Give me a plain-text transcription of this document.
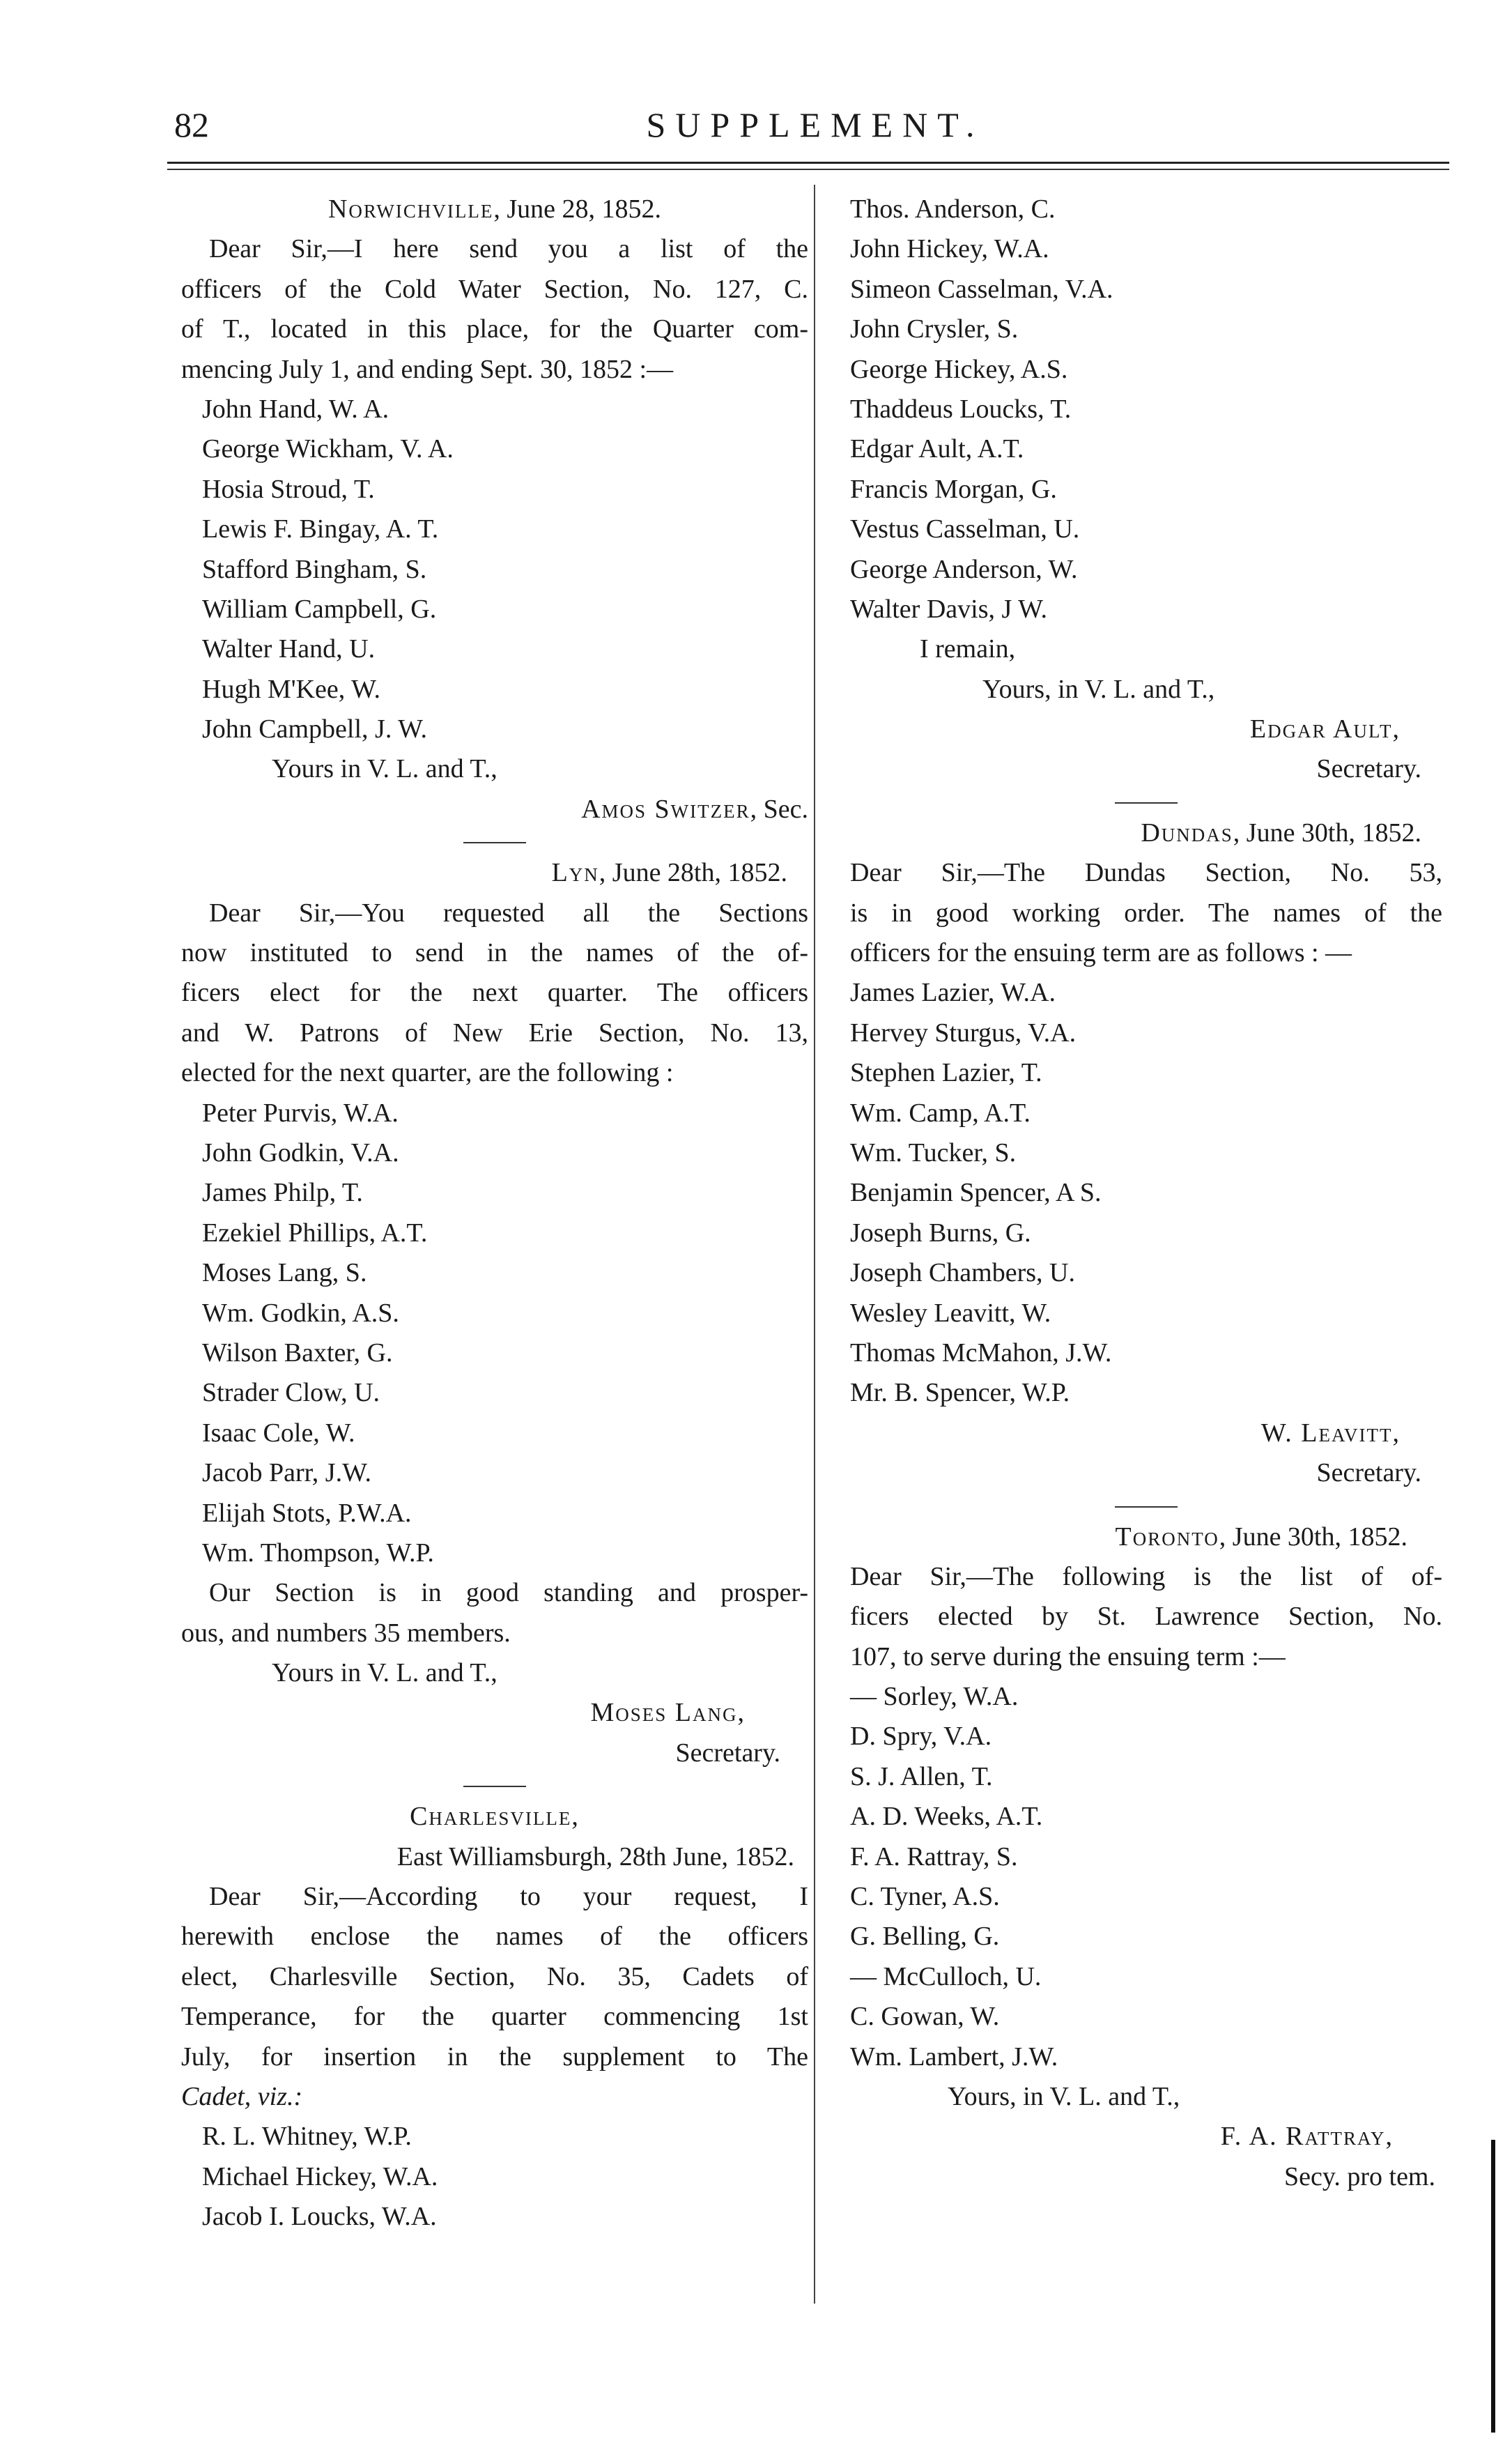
82	SUPPLEMENT.
Norwichville, June 28, 1852.
Dear Sir,—I here send you a list of the
officers of the Cold Water Section, No. 127, C.
of T., located in this place, for the Quarter com-
mencing July 1, and ending Sept. 30, 1852 :—
John Hand, W. A.
George Wickham, V. A.
Hosia Stroud, T.
Lewis F. Bingay, A. T.
Stafford Bingham, S.
William Campbell, G.
Walter Hand, U.
Hugh M'Kee, W.
John Campbell, J. W.
Yours in V. L. and T.,
Amos Switzer, Sec.
Lyn, June 28th, 1852.
Dear Sir,—You requested all the Sections
now instituted to send in the names of the of-
ficers elect for the next quarter. The officers
and W. Patrons of New Erie Section, No. 13,
elected for the next quarter, are the following :
Peter Purvis, W.A.
John Godkin, V.A.
James Philp, T.
Ezekiel Phillips, A.T.
Moses Lang, S.
Wm. Godkin, A.S.
Wilson Baxter, G.
Strader Clow, U.
Isaac Cole, W.
Jacob Parr, J.W.
Elijah Stots, P.W.A.
Wm. Thompson, W.P.
Our Section is in good standing and prosper-
ous, and numbers 35 members.
Yours in V. L. and T.,
Moses Lang,
Secretary.
Charlesville,
East Williamsburgh, 28th June, 1852.
Dear Sir,—According to your request, I
herewith enclose the names of the officers
elect, Charlesville Section, No. 35, Cadets of
Temperance, for the quarter commencing 1st
July, for insertion in the supplement to The
Cadet, viz.:
R. L. Whitney, W.P.
Michael Hickey, W.A.
Jacob I. Loucks, W.A.
Thos. Anderson, C.
John Hickey, W.A.
Simeon Casselman, V.A.
John Crysler, S.
George Hickey, A.S.
Thaddeus Loucks, T.
Edgar Ault, A.T.
Francis Morgan, G.
Vestus Casselman, U.
George Anderson, W.
Walter Davis, J W.
I remain,
Yours, in V. L. and T.,
Edgar Ault,
Secretary.
Dundas, June 30th, 1852.
Dear Sir,—The Dundas Section, No. 53,
is in good working order. The names of the
officers for the ensuing term are as follows : —
James Lazier, W.A.
Hervey Sturgus, V.A.
Stephen Lazier, T.
Wm. Camp, A.T.
Wm. Tucker, S.
Benjamin Spencer, A S.
Joseph Burns, G.
Joseph Chambers, U.
Wesley Leavitt, W.
Thomas McMahon, J.W.
Mr. B. Spencer, W.P.
W. Leavitt,
Secretary.
Toronto, June 30th, 1852.
Dear Sir,—The following is the list of of-
ficers elected by St. Lawrence Section, No.
107, to serve during the ensuing term :—
— Sorley, W.A.
D. Spry, V.A.
S. J. Allen, T.
A. D. Weeks, A.T.
F. A. Rattray, S.
C. Tyner, A.S.
G. Belling, G.
— McCulloch, U.
C. Gowan, W.
Wm. Lambert, J.W.
Yours, in V. L. and T.,
F. A. Rattray,
Secy. pro tem.
